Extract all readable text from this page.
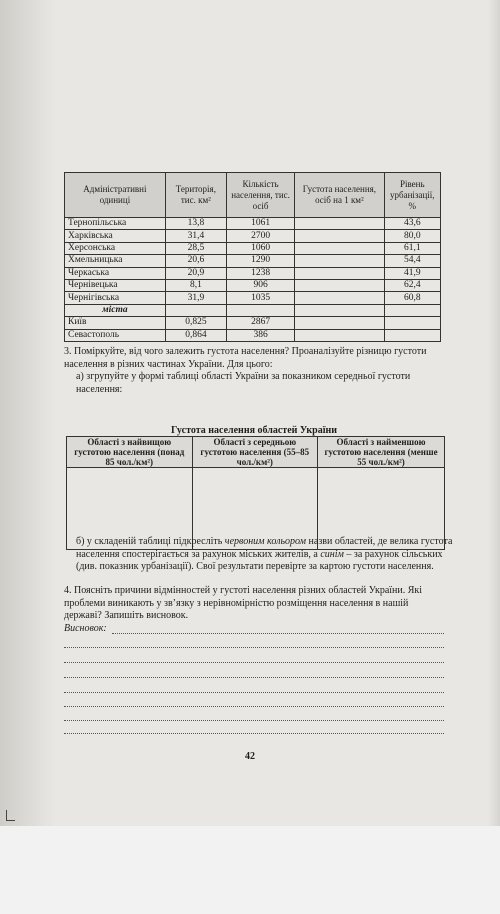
Адміністративні одиниці	Територія, тис. км²	Кількість населення, тис. осіб	Густота населення, осіб на 1 км²	Рівень урбанізації, %
Тернопільська	13,8	1061		43,6
Харківська	31,4	2700		80,0
Херсонська	28,5	1060		61,1
Хмельницька	20,6	1290		54,4
Черкаська	20,9	1238		41,9
Чернівецька	8,1	906		62,4
Чернігівська	31,9	1035		60,8
міста				
Київ	0,825	2867		
Севастополь	0,864	386		
3. Поміркуйте, від чого залежить густота населення? Проаналізуйте різницю густоти населення в різних частинах України. Для цього:
а) згрупуйте у формі таблиці області України за показником середньої густоти населення:
Густота населення областей України
Області з найвищою густотою населення (понад 85 чол./км²)	Області з середньою густотою населення (55–85 чол./км²)	Області з найменшою густотою населення (менше 55 чол./км²)

б) у складеній таблиці підкресліть червоним кольором назви областей, де велика густота населення спостерігається за рахунок міських жителів, а синім – за рахунок сільських (див. показник урбанізації). Свої результати перевірте за картою густоти населення.
4. Поясніть причини відмінностей у густоті населення різних областей України. Які проблеми виникають у зв’язку з нерівномірністю розміщення населення в нашій державі? Запишіть висновок.
Висновок:
42
